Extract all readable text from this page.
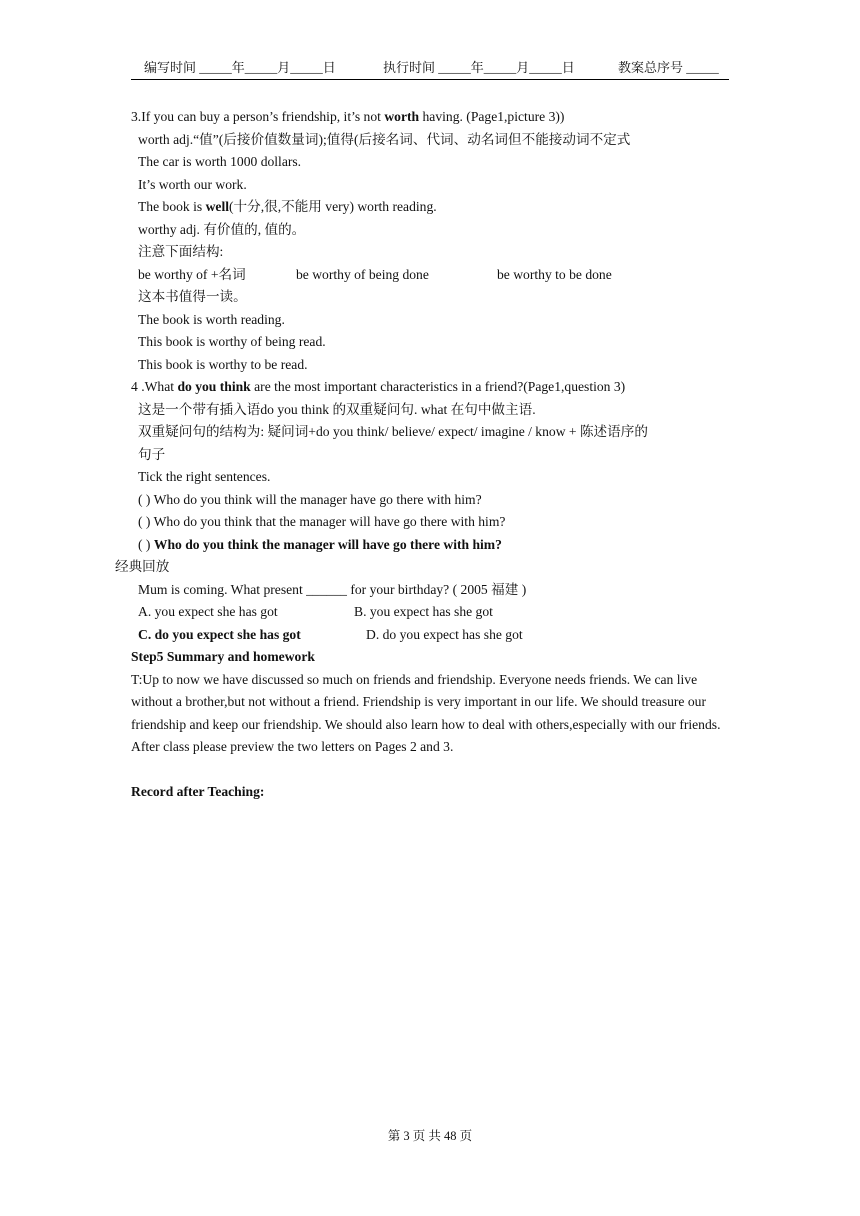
编写时间 _____年_____月_____日	执行时间 _____年_____月_____日	教案总序号 _____
3.If you can buy a person’s friendship, it’s not worth having. (Page1,picture 3))
worth adj.“值”(后接价值数量词);值得(后接名词、代词、动名词但不能接动词不定式
The car is worth 1000 dollars.
It’s worth our work.
The book is well(十分,很,不能用 very) worth reading.
worthy adj. 有价值的, 值的。
注意下面结构:
be worthy of +名词	be worthy of being done	be worthy to be done
这本书值得一读。
The book is worth reading.
This book is worthy of being read.
This book is worthy to be read.
4 .What do you think are the most important characteristics in a friend?(Page1,question 3)
这是一个带有插入语do you think 的双重疑问句. what 在句中做主语.
双重疑问句的结构为: 疑问词+do you think/ believe/ expect/ imagine / know + 陈述语序的
句子
Tick the right sentences.
( ) Who do you think will the manager have go there with him?
( ) Who do you think that the manager will have go there with him?
( ) Who do you think the manager will have go there with him?
经典回放
Mum is coming. What present ______ for your birthday? ( 2005 福建 )
A. you expect she has got	B. you expect has she got
C. do you expect she has got	D. do you expect has she got
Step5 Summary and homework
T:Up to now we have discussed so much on friends and friendship. Everyone needs friends. We can live without a brother,but not without a friend. Friendship is very important in our life. We should treasure our friendship and keep our friendship. We should also learn how to deal with others,especially with our friends. After class please preview the two letters on Pages 2 and 3.
Record after Teaching:
第 3 页 共 48 页
